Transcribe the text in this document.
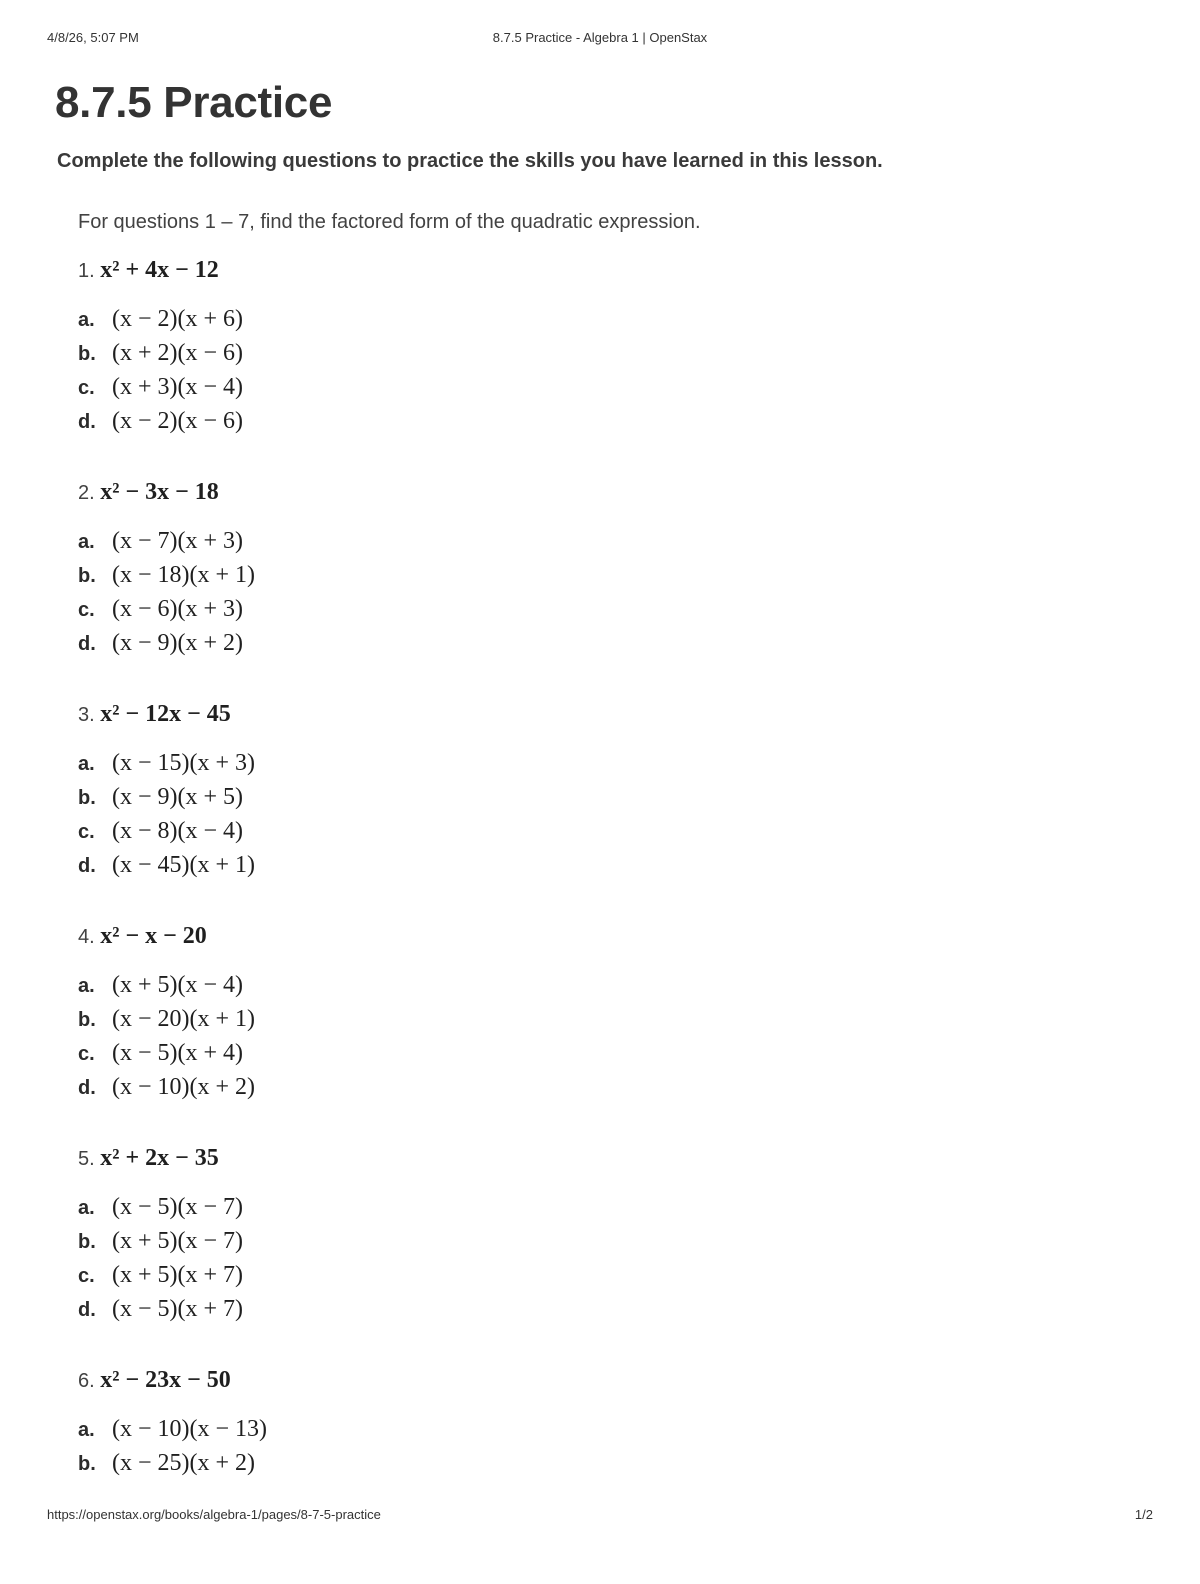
4/8/26, 5:07 PM	8.7.5 Practice - Algebra 1 | OpenStax
8.7.5 Practice

Complete the following questions to practice the skills you have learned in this lesson.

For questions 1 – 7, find the factored form of the quadratic expression.

1. x² + 4x − 12
a. (x − 2)(x + 6)
b. (x + 2)(x − 6)
c. (x + 3)(x − 4)
d. (x − 2)(x − 6)
2. x² − 3x − 18
a. (x − 7)(x + 3)
b. (x − 18)(x + 1)
c. (x − 6)(x + 3)
d. (x − 9)(x + 2)
3. x² − 12x − 45
a. (x − 15)(x + 3)
b. (x − 9)(x + 5)
c. (x − 8)(x − 4)
d. (x − 45)(x + 1)
4. x² − x − 20
a. (x + 5)(x − 4)
b. (x − 20)(x + 1)
c. (x − 5)(x + 4)
d. (x − 10)(x + 2)
5. x² + 2x − 35
a. (x − 5)(x − 7)
b. (x + 5)(x − 7)
c. (x + 5)(x + 7)
d. (x − 5)(x + 7)
6. x² − 23x − 50
a. (x − 10)(x − 13)
b. (x − 25)(x + 2)
https://openstax.org/books/algebra-1/pages/8-7-5-practice	1/2
